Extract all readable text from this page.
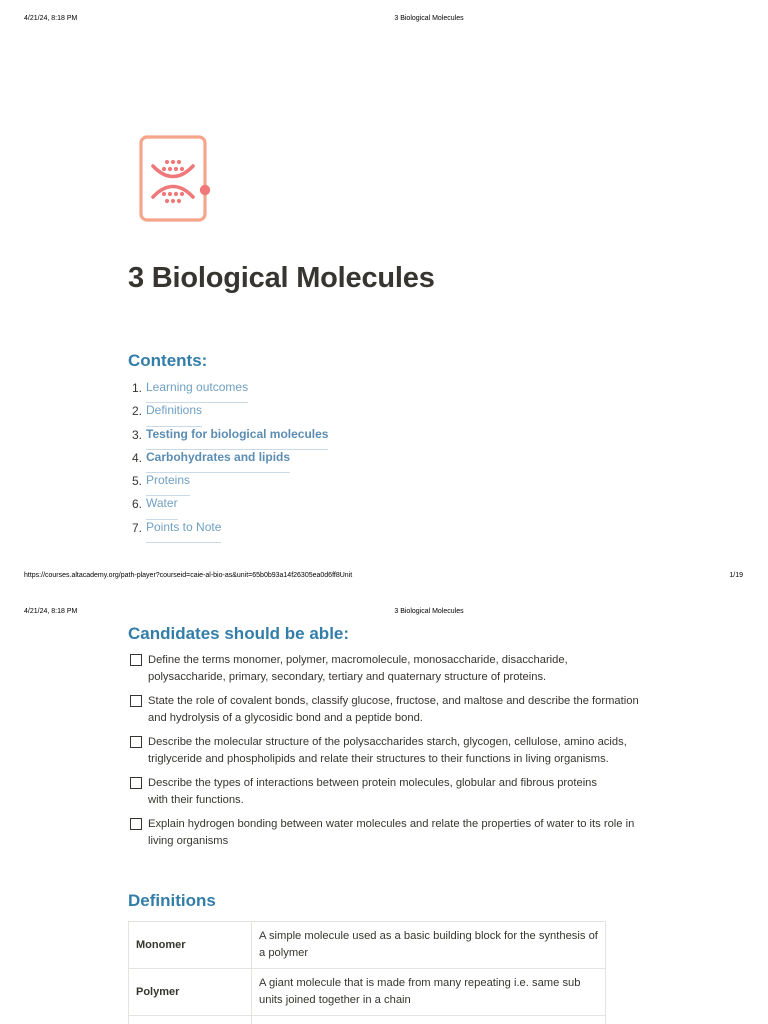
4/21/24, 8:18 PM	3 Biological Molecules
3 Biological Molecules
Contents:
1. Learning outcomes
2. Definitions
3. Testing for biological molecules
4. Carbohydrates and lipids
5. Proteins
6. Water
7. Points to Note
https://courses.altacademy.org/path-player?courseid=caie-al-bio-as&unit=65b0b93a14f26305ea0d6ff8Unit	1/19
4/21/24, 8:18 PM	3 Biological Molecules
Candidates should be able:
Define the terms monomer, polymer, macromolecule, monosaccharide, disaccharide, polysaccharide, primary, secondary, tertiary and quaternary structure of proteins.
State the role of covalent bonds, classify glucose, fructose, and maltose and describe the formation and hydrolysis of a glycosidic bond and a peptide bond.
Describe the molecular structure of the polysaccharides starch, glycogen, cellulose, amino acids, triglyceride and phospholipids and relate their structures to their functions in living organisms.
Describe the types of interactions between protein molecules, globular and fibrous proteins with their functions.
Explain hydrogen bonding between water molecules and relate the properties of water to its role in living organisms
Definitions
Monomer	A simple molecule used as a basic building block for the synthesis of a polymer
Polymer	A giant molecule that is made from many repeating i.e. same sub units joined together in a chain
